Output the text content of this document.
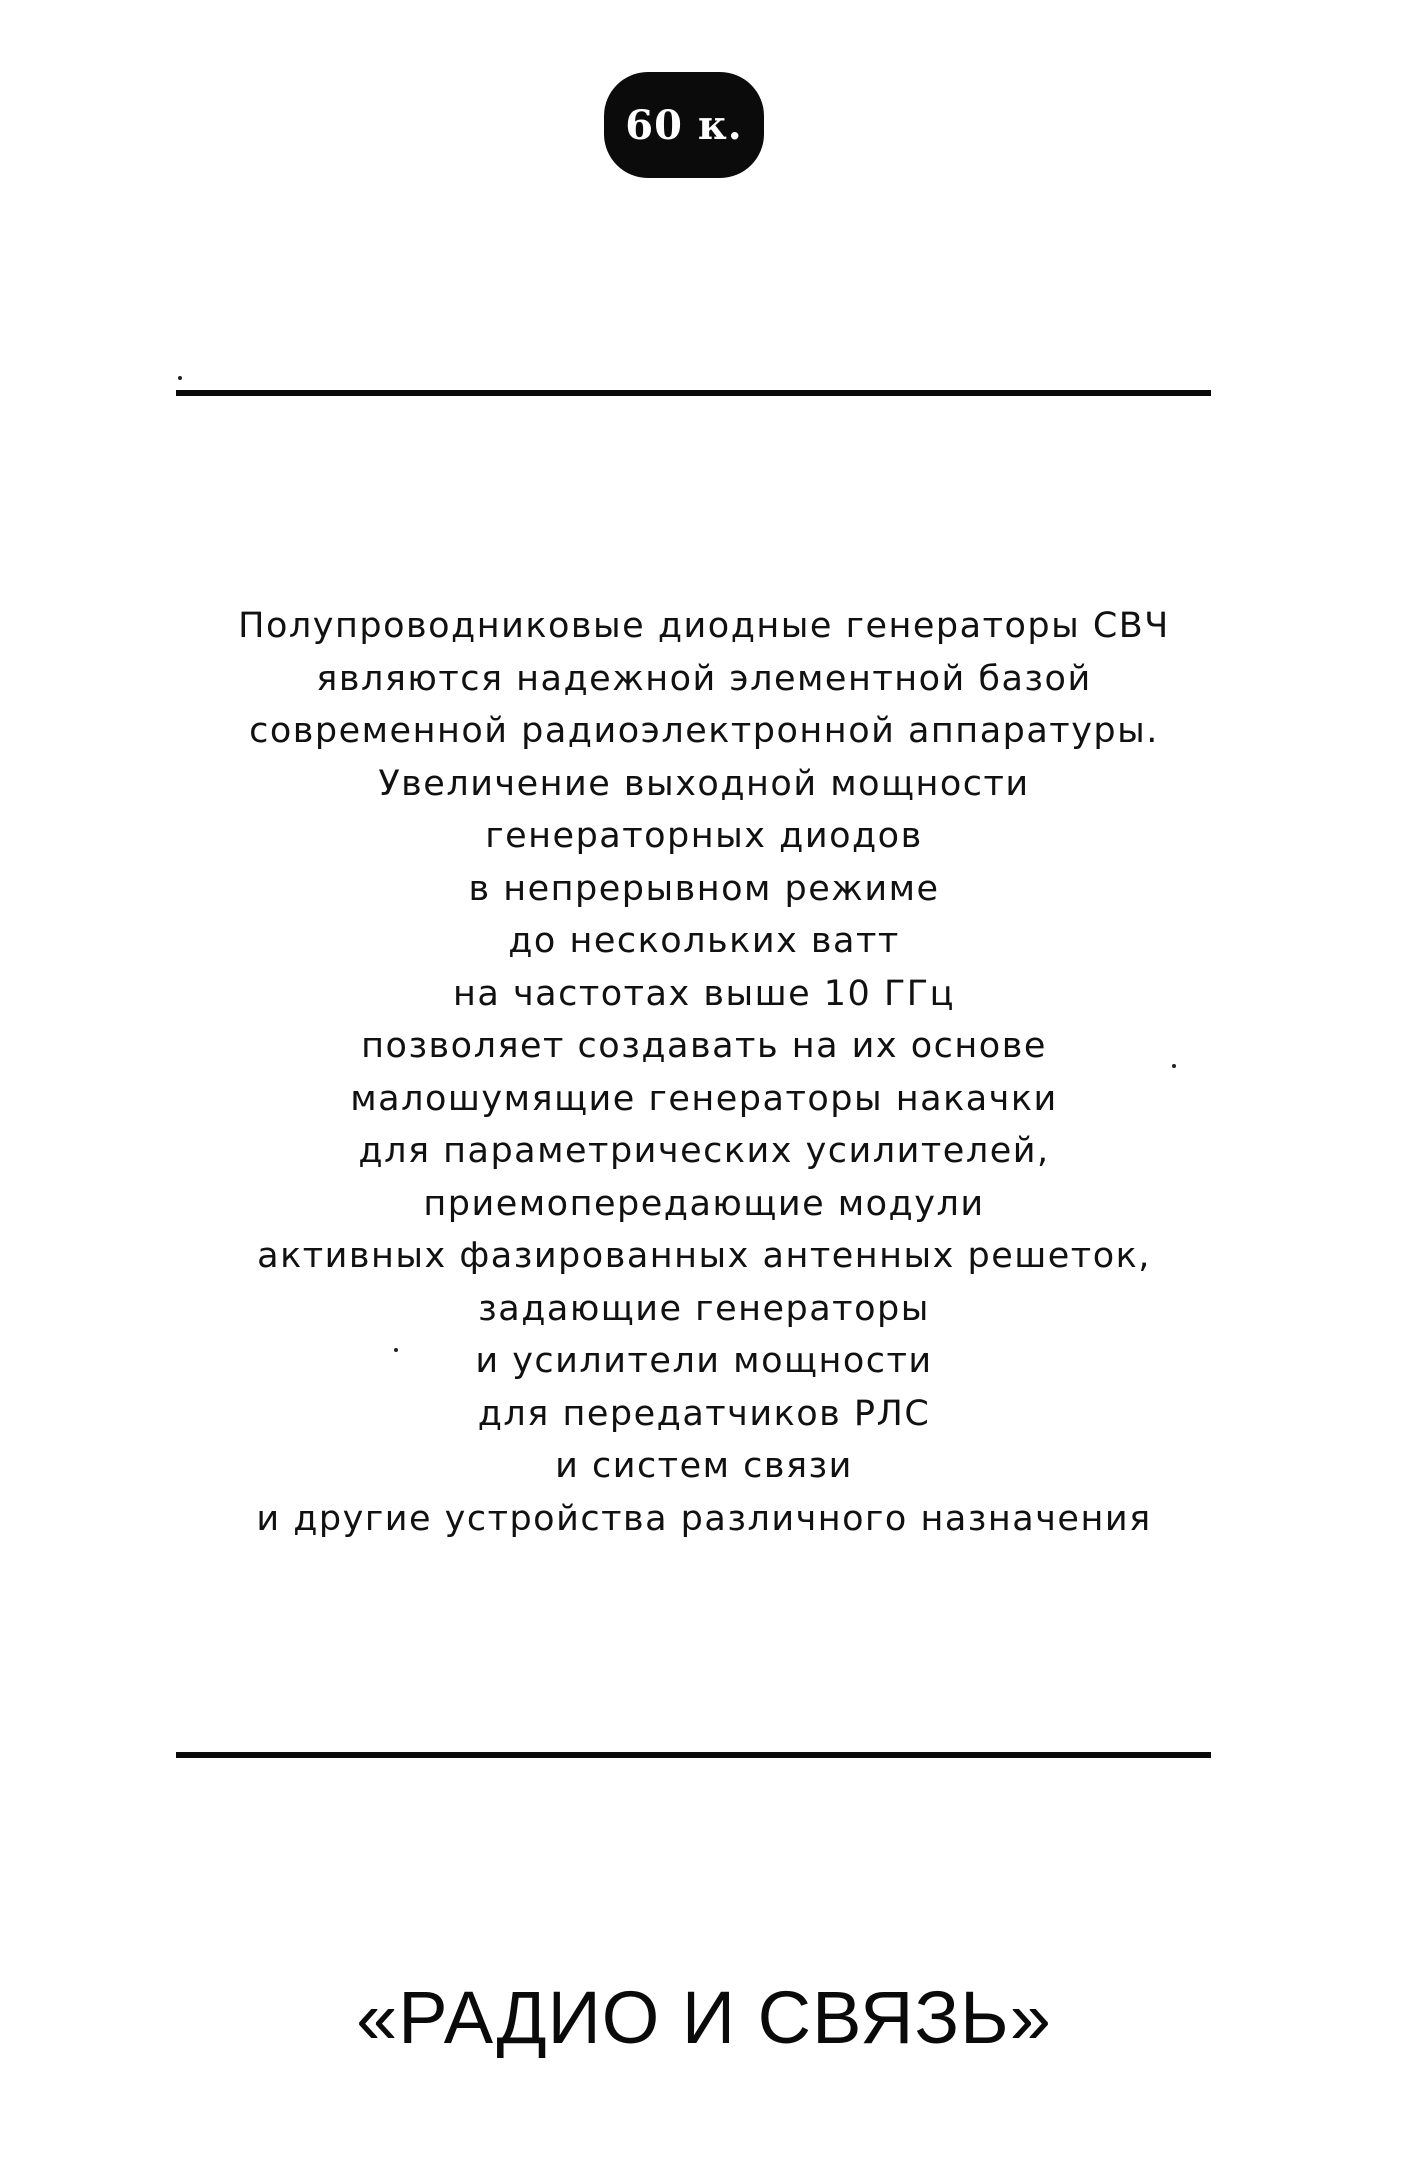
60 к.
Полупроводниковые диодные генераторы СВЧ
являются надежной элементной базой
современной радиоэлектронной аппаратуры.
Увеличение выходной мощности
генераторных диодов
в непрерывном режиме
до нескольких ватт
на частотах выше 10 ГГц
позволяет создавать на их основе
малошумящие генераторы накачки
для параметрических усилителей,
приемопередающие модули
активных фазированных антенных решеток,
задающие генераторы
и усилители мощности
для передатчиков РЛС
и систем связи
и другие устройства различного назначения
«РАДИО И СВЯЗЬ»
